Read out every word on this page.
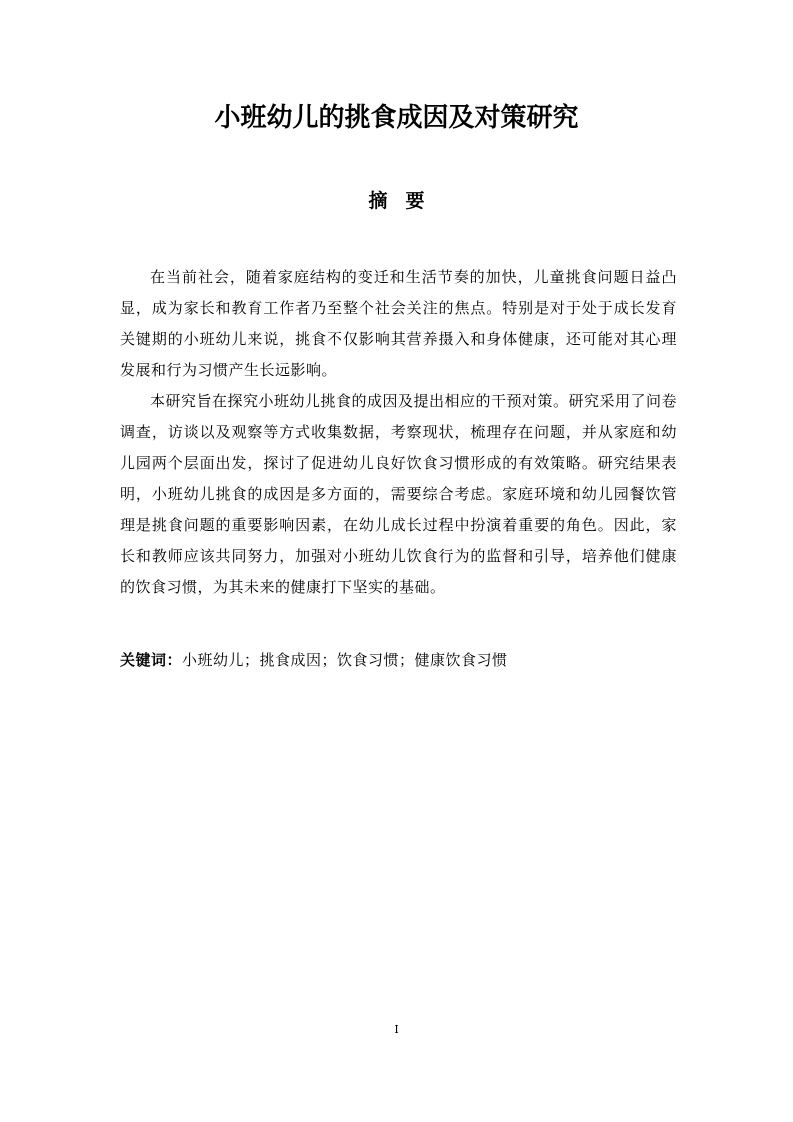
小班幼儿的挑食成因及对策研究
摘要

在当前社会，随着家庭结构的变迁和生活节奏的加快，儿童挑食问题日益凸显，成为家长和教育工作者乃至整个社会关注的焦点。特别是对于处于成长发育关键期的小班幼儿来说，挑食不仅影响其营养摄入和身体健康，还可能对其心理发展和行为习惯产生长远影响。

本研究旨在探究小班幼儿挑食的成因及提出相应的干预对策。研究采用了问卷调查，访谈以及观察等方式收集数据，考察现状，梳理存在问题，并从家庭和幼儿园两个层面出发，探讨了促进幼儿良好饮食习惯形成的有效策略。研究结果表明，小班幼儿挑食的成因是多方面的，需要综合考虑。家庭环境和幼儿园餐饮管理是挑食问题的重要影响因素，在幼儿成长过程中扮演着重要的角色。因此，家长和教师应该共同努力，加强对小班幼儿饮食行为的监督和引导，培养他们健康的饮食习惯，为其未来的健康打下坚实的基础。

关键词：小班幼儿；挑食成因；饮食习惯；健康饮食习惯
I
